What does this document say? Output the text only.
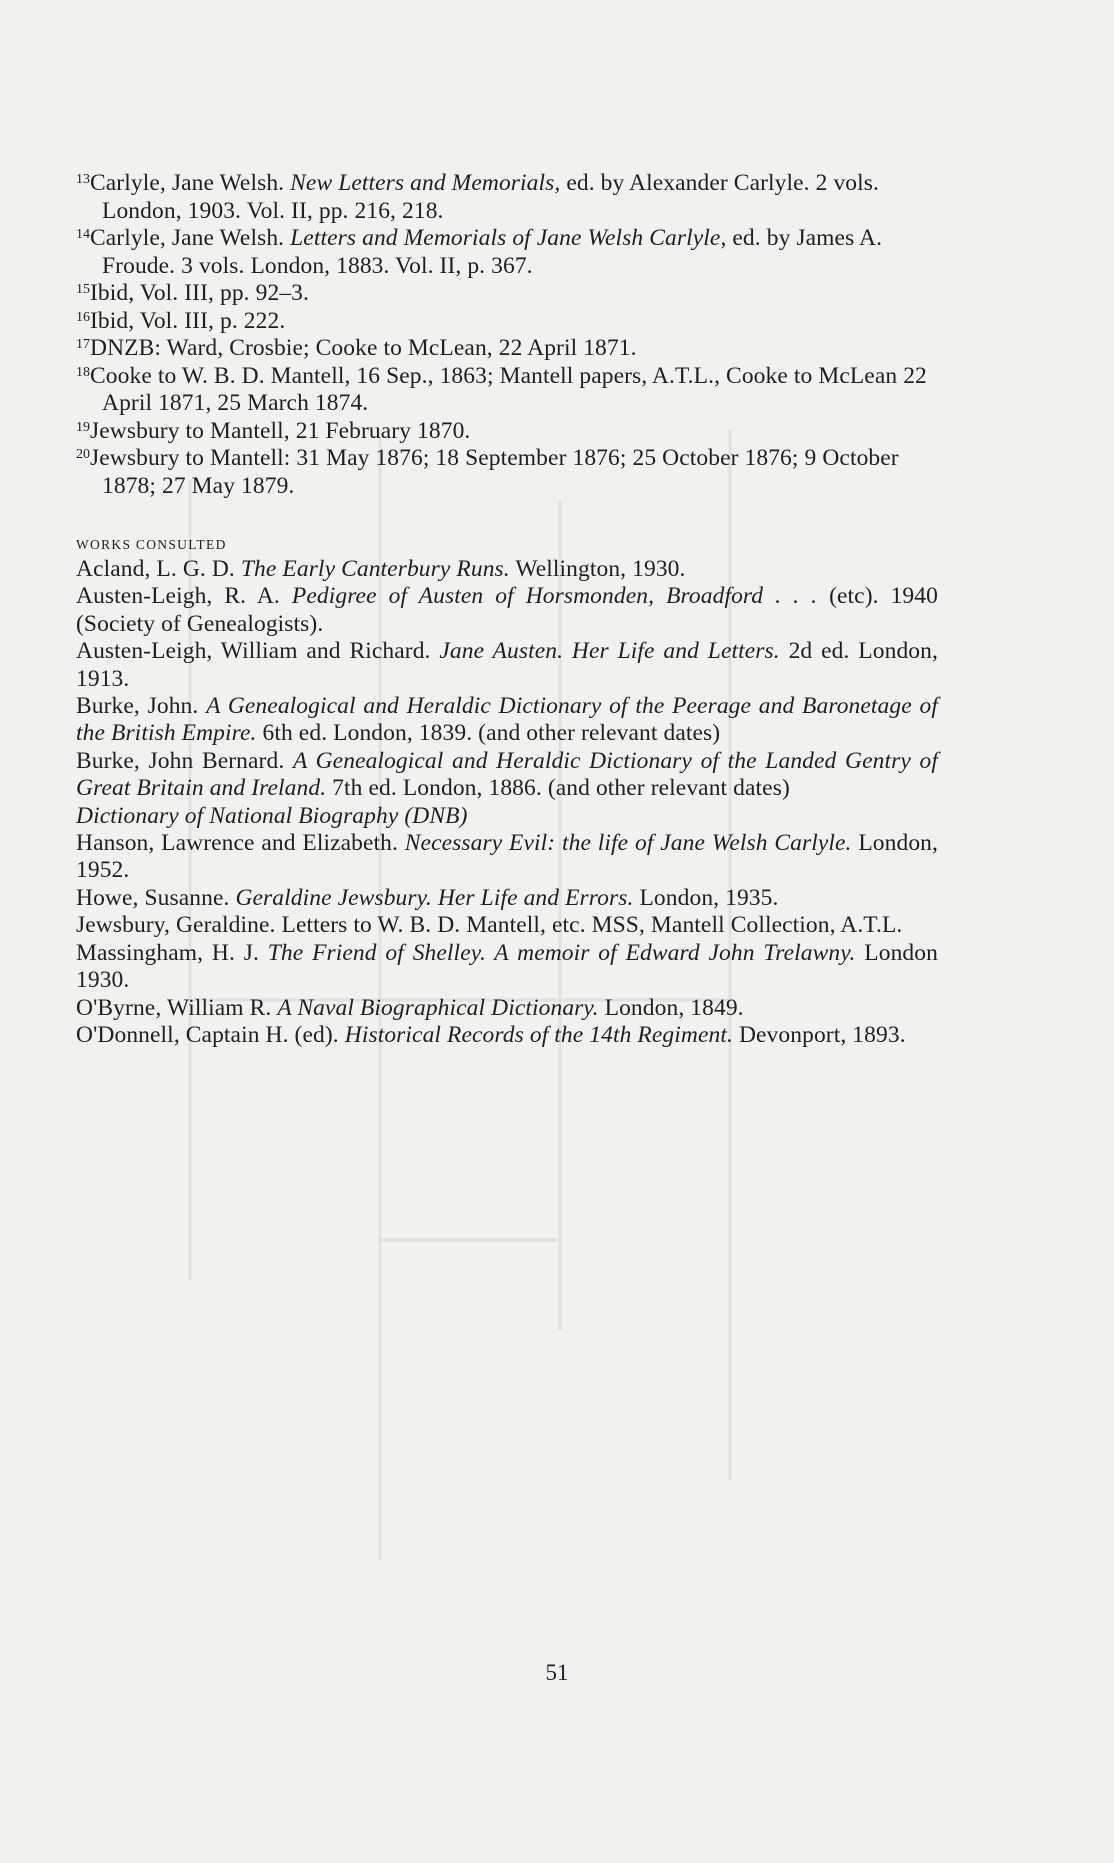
$^{13}$Carlyle, Jane Welsh. New Letters and Memorials, ed. by Alexander Carlyle. 2 vols. London, 1903. Vol. II, pp. 216, 218.

$^{14}$Carlyle, Jane Welsh. Letters and Memorials of Jane Welsh Carlyle, ed. by James A. Froude. 3 vols. London, 1883. Vol. II, p. 367.

$^{15}$Ibid, Vol. III, pp. 92–3.

$^{16}$Ibid, Vol. III, p. 222.

$^{17}$DNZB: Ward, Crosbie; Cooke to McLean, 22 April 1871.

$^{18}$Cooke to W. B. D. Mantell, 16 Sep., 1863; Mantell papers, A.T.L., Cooke to McLean 22 April 1871, 25 March 1874.

$^{19}$Jewsbury to Mantell, 21 February 1870.

$^{20}$Jewsbury to Mantell: 31 May 1876; 18 September 1876; 25 October 1876; 9 October 1878; 27 May 1879.

WORKS CONSULTED

Acland, L. G. D. The Early Canterbury Runs. Wellington, 1930.

Austen-Leigh, R. A. Pedigree of Austen of Horsmonden, Broadford . . . (etc). 1940 (Society of Genealogists).

Austen-Leigh, William and Richard. Jane Austen. Her Life and Letters. 2d ed. London, 1913.

Burke, John. A Genealogical and Heraldic Dictionary of the Peerage and Baronetage of the British Empire. 6th ed. London, 1839. (and other relevant dates)

Burke, John Bernard. A Genealogical and Heraldic Dictionary of the Landed Gentry of Great Britain and Ireland. 7th ed. London, 1886. (and other relevant dates)

Dictionary of National Biography (DNB)

Hanson, Lawrence and Elizabeth. Necessary Evil: the life of Jane Welsh Carlyle. London, 1952.

Howe, Susanne. Geraldine Jewsbury. Her Life and Errors. London, 1935.

Jewsbury, Geraldine. Letters to W. B. D. Mantell, etc. MSS, Mantell Collection, A.T.L.

Massingham, H. J. The Friend of Shelley. A memoir of Edward John Trelawny. London 1930.

O'Byrne, William R. A Naval Biographical Dictionary. London, 1849.

O'Donnell, Captain H. (ed). Historical Records of the 14th Regiment. Devonport, 1893.

51
